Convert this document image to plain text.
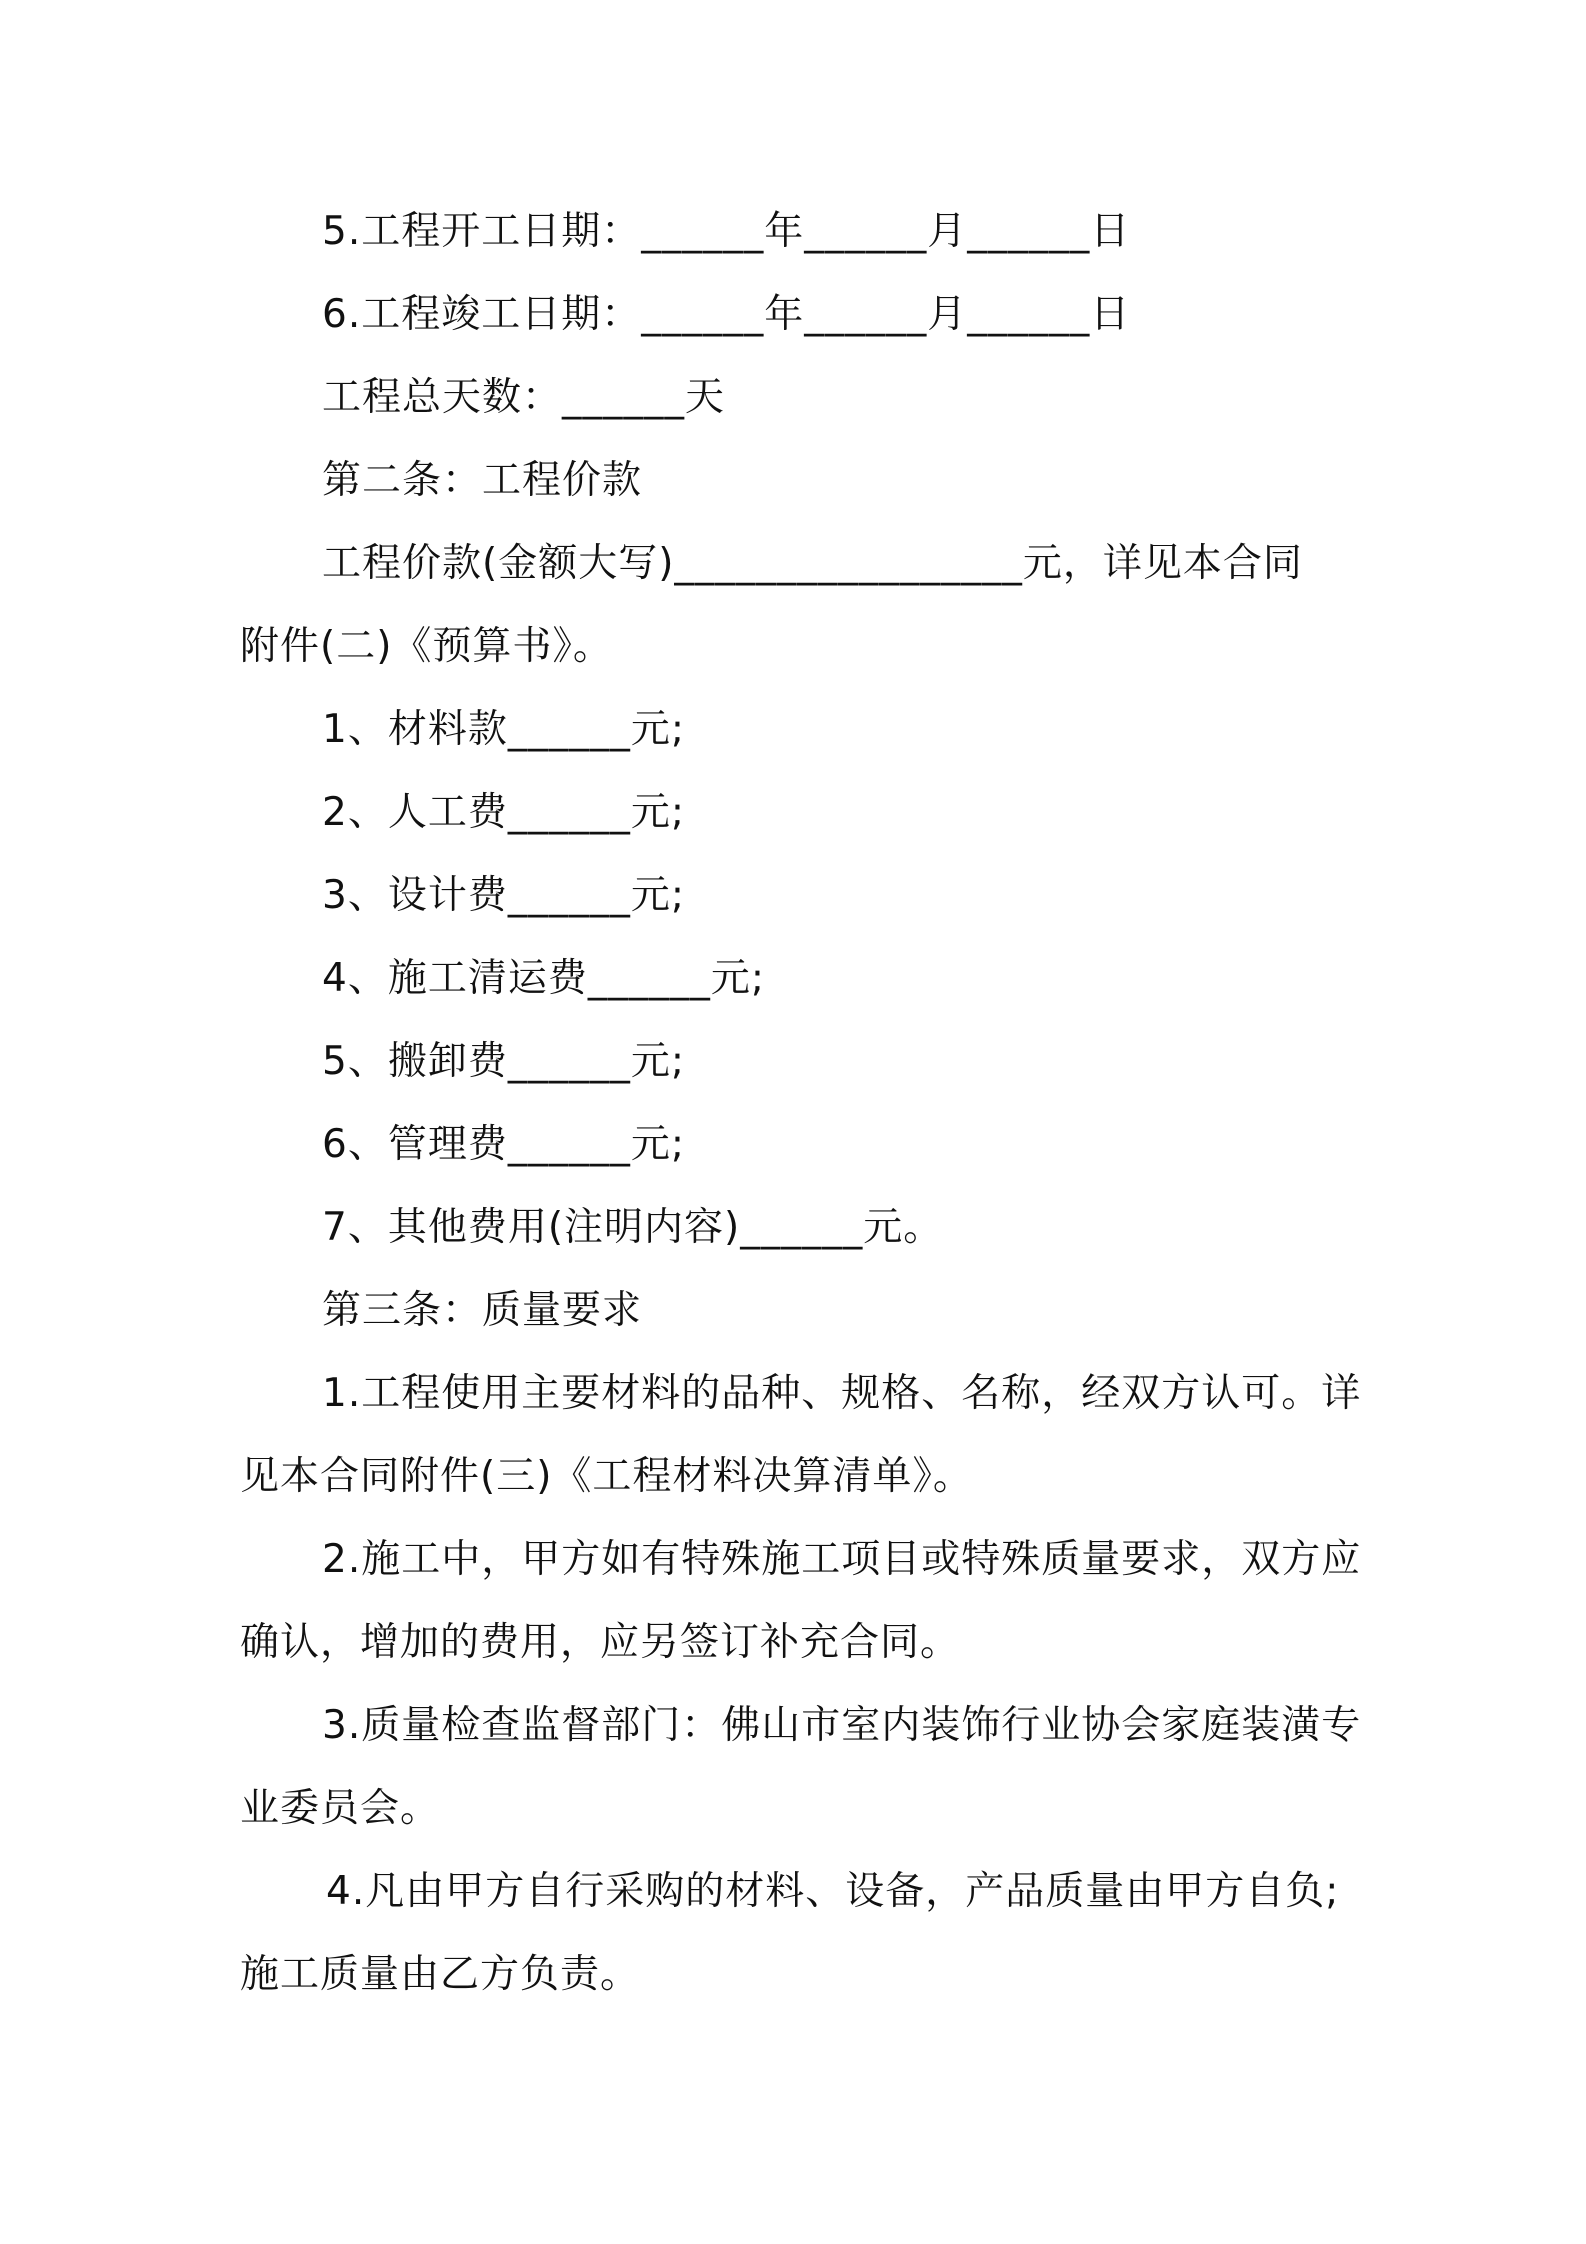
5.工程开工日期：______年______月______日

6.工程竣工日期：______年______月______日

工程总天数：______天

第二条：工程价款

工程价款(金额大写)_________________元，详见本合同

附件(二)《预算书》。

1、材料款______元;

2、人工费______元;

3、设计费______元;

4、施工清运费______元;

5、搬卸费______元;

6、管理费______元;

7、其他费用(注明内容)______元。

第三条：质量要求

1.工程使用主要材料的品种、规格、名称，经双方认可。详

见本合同附件(三)《工程材料决算清单》。

2.施工中，甲方如有特殊施工项目或特殊质量要求，双方应

确认，增加的费用，应另签订补充合同。

3.质量检查监督部门：佛山市室内装饰行业协会家庭装潢专

业委员会。

4.凡由甲方自行采购的材料、设备，产品质量由甲方自负;

施工质量由乙方负责。
